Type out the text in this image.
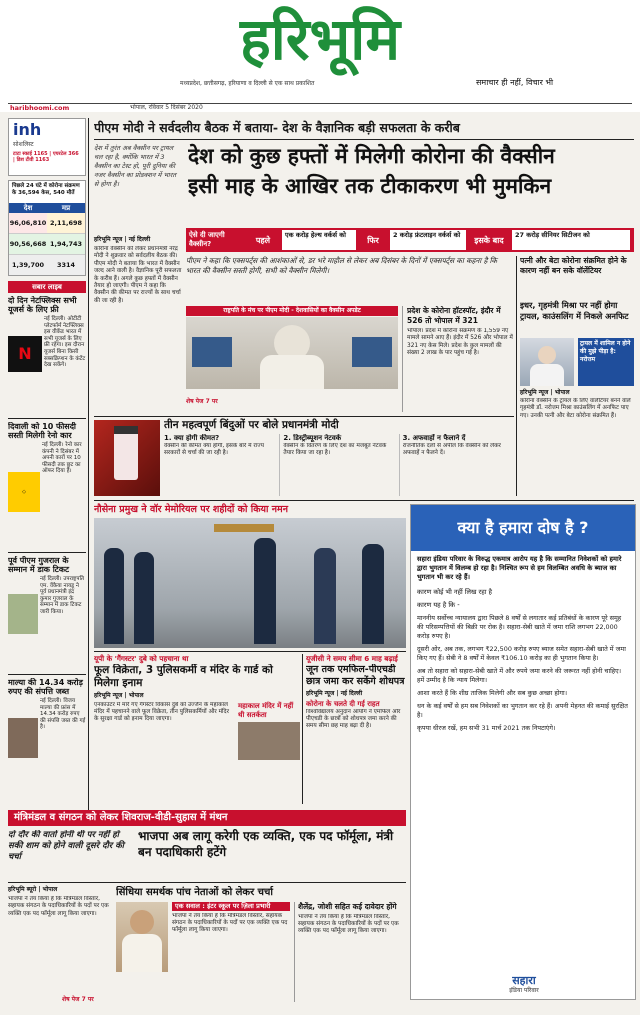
हरिभूमि
मध्यप्रदेश, छत्तीसगढ़, हरियाणा व दिल्ली से एक साथ प्रकाशित	समाचार ही नहीं, विचार भी
haribhoomi.com	भोपाल, रविवार 5 दिसंबर 2020
inh
सोशलिस्ट
टाटा स्काई 1165 | एयरटेल 366 | डिश टीवी 1163
पिछले 24 घंटे में कोरोना संक्रमण के 36,594 केस, 540 मौतें
देश	मप्र
96,06,810 2,11,698
90,56,668 1,94,743
1,39,700	3314
सबार लाइब
दो दिन नेटफ्लिक्स सभी यूजर्स के लिए फ्री
N
नई दिल्ली। ओटीटी प्लेटफॉर्म नेटफ्लिक्स इस वीकेंड भारत में सभी यूजर्स के लिए फ्री रहेगा। इस दौरान यूजर्स बिना किसी सब्सक्रिप्शन के कंटेंट देख सकेंगे।
दिवाली को 10 फीसदी सस्ती मिलेगी रेनो कार
◇
नई दिल्ली। रेनो कार कंपनी ने दिसंबर में अपनी कारों पर 10 फीसदी तक छूट का ऑफर दिया है।
पूर्व पीएम गुजराल के सम्मान में डाक टिकट
नई दिल्ली। उपराष्ट्रपति एम. वेंकैया नायडू ने पूर्व प्रधानमंत्री इंद्र कुमार गुजराल के सम्मान में डाक टिकट जारी किया।
माल्या की 14.34 करोड़ रुपए की संपत्ति जब्त
नई दिल्ली। विजय माल्या की फ्रांस में 14.34 करोड़ रुपए की संपत्ति जब्त की गई है।
पीएम मोदी ने सर्वदलीय बैठक में बताया- देश के वैज्ञानिक बड़ी सफलता के करीब
देश में तुरंत अब वैक्सीन पर ट्रायल चल रहा है, क्योंकि भारत में 3 वैक्सीन का टेस्ट हो, पूरी दुनिया की नजर वैक्सीन का प्रोडक्शन में भारत से होगा है।
देश को कुछ हफ्तों में मिलेगी कोरोना की वैक्सीन
इसी माह के आखिर तक टीकाकरण भी मुमकिन
ऐसे दी जाएगी वैक्सीन?	पहले
एक करोड़ हेल्थ वर्कर्स को
फिर
2 करोड़ फ्रंटलाइन वर्कर्स को
इसके बाद
27 करोड़ सीनियर सिटीजन को
हरिभूमि न्यूज | नई दिल्ली
कोरोना वैक्सीन को लेकर प्रधानमंत्री नरेंद्र मोदी ने शुक्रवार को सर्वदलीय बैठक की। पीएम मोदी ने बताया कि भारत में वैक्सीन जल्द आने वाली है। वैज्ञानिक पूरी सफलता के करीब हैं। अगले कुछ हफ्तों में वैक्सीन तैयार हो जाएगी। पीएम ने कहा कि वैक्सीन की कीमत पर राज्यों के साथ चर्चा की जा रही है।
पीएम ने कहा कि एक्सपर्ट्स की आशंकाओं से, डर भरे माहौल से लेकर अब दिसंबर के दिनों में एक्सपर्ट्स का कहना है कि भारत की वैक्सीन सस्ती होगी, सभी को वैक्सीन मिलेगी।
राष्ट्रपति के मंच पर पीएम मोदी - देशवासियों का वैक्सीन अपडेट	प्रदेश के कोरोना हॉटस्पॉट, इंदौर में 526 तो भोपाल में 321
भोपाल। प्रदेश में कोरोना संक्रमण के 1,559 नए मामले सामने आए हैं। इंदौर में 526 और भोपाल में 321 नए केस मिले। प्रदेश के कुल मामलों की संख्या 2 लाख के पार पहुंच गई है।
शेष पेज 7 पर
तीन महत्वपूर्ण बिंदुओं पर बोले प्रधानमंत्री मोदी
1. क्या होगी कीमत?
वैक्सीन की कीमत क्या होगी, इसके बारे में राज्य सरकारों से चर्चा की जा रही है।
2. डिस्ट्रीब्यूशन नेटवर्क
वैक्सीन के वितरण के लिए देश का मजबूत नेटवर्क तैयार किया जा रहा है।
3. अफवाहों न फैलाने दें
राजनीतिक दलों से अपील कि वैक्सीन को लेकर अफवाहें न फैलने दें।
पत्नी और बेटा कोरोना संक्रमित होने के कारण नहीं बन सके वॉलेंटियर
इधर, गृहमंत्री मिश्रा पर नहीं होगा ट्रायल, काउंसलिंग में निकले अनफिट
ट्रायल में शामिल न होने की मुझे पीड़ा है: नरोत्तम
हरिभूमि न्यूज | भोपाल
कोरोना वैक्सीन के ट्रायल के लिए वॉलेंटियर बनने वाले गृहमंत्री डॉ. नरोत्तम मिश्रा काउंसलिंग में अनफिट पाए गए। उनकी पत्नी और बेटा कोरोना संक्रमित हैं।
नौसेना प्रमुख ने वॉर मेमोरियल पर शहीदों को किया नमन
क्या है हमारा दोष है ?
सहारा इंडिया परिवार के विरुद्ध एकमात्र आरोप यह है कि सम्मानित निवेशकों को हमारे द्वारा भुगतान में विलम्ब हो रहा है। निश्चित रूप से हम विलम्बित अवधि के ब्याज का भुगतान भी कर रहे हैं।
कारण कोई भी नहीं लिख रहा है
कारण यह है कि -
माननीय सर्वोच्च न्यायालय द्वारा पिछले 8 वर्षों से लगातार कई प्रतिबंधों के कारण पूरे समूह की परिसम्पत्तियों की बिक्री पर रोक है। सहारा-सेबी खाते में जमा राशि लगभग 22,000 करोड़ रुपए है।
दूसरी ओर, अब तक, लगभग ₹22,500 करोड़ रुपए ब्याज समेत सहारा-सेबी खाते में जमा किए गए हैं। सेबी ने 8 वर्षों में केवल ₹106.10 करोड़ का ही भुगतान किया है।
अब तो सहारा को सहारा-सेबी खाते में और रुपये जमा करने की जरूरत नहीं होनी चाहिए। हमें उम्मीद है कि न्याय मिलेगा।
आशा करते हैं कि शीघ्र ताजिक मिलेगी और सब कुछ अच्छा होगा।
धन के कई वर्षों से हम सब निवेशकों का भुगतान कर रहे हैं। अपनी मेहनत की कमाई सुरक्षित है।
कृपया धीरज रखें, हम सभी 31 मार्च 2021 तक निपटाएंगे।
सहारा
इंडिया परिवार
यूपी के 'गैंगस्टर' दुबे को पहचाना था
फूल विक्रेता, 3 पुलिसकर्मी व मंदिर के गार्ड को मिलेगा इनाम
हरिभूमि न्यूज | भोपाल
एनकाउंटर में मारे गए गैंगस्टर विकास दुबे को उज्जैन के महाकाल मंदिर में पहचानने वाले फूल विक्रेता, तीन पुलिसकर्मियों और मंदिर के सुरक्षा गार्ड को इनाम दिया जाएगा।
महाकाल मंदिर में नहीं थी सतर्कता
यूजीसी ने समय सीमा 6 माह बढ़ाई
जून तक एमफिल-पीएचडी छात्र जमा कर सकेंगे शोधपत्र
हरिभूमि न्यूज | नई दिल्ली
कोरोना के चलते दी गई राहत
विश्वविद्यालय अनुदान आयोग ने एमफिल और पीएचडी के छात्रों को शोधपत्र जमा करने की समय सीमा छह माह बढ़ा दी है।
मंत्रिमंडल व संगठन को लेकर शिवराज-वीडी-सुहास में मंथन
दो दौर की वार्ता होनी थी पर नहीं हो सकी शाम को होने वाली दूसरे दौर की चर्चा
भाजपा अब लागू करेगी एक व्यक्ति, एक पद फॉर्मूला, मंत्री बन पदाधिकारी हटेंगे
हरिभूमि ब्यूरो | भोपाल
भाजपा ने तय किया है कि मंत्रिमंडल विस्तार, सहायक संगठन के पदाधिकारियों के पदों पर एक व्यक्ति एक पद फॉर्मूला लागू किया जाएगा।
शेष पेज 7 पर
सिंधिया समर्थक पांच नेताओं को लेकर चर्चा
एक सवाल : इंटर स्कूल पर ज़िला प्रभारी
भाजपा ने तय किया है कि मंत्रिमंडल विस्तार, सहायक संगठन के पदाधिकारियों के पदों पर एक व्यक्ति एक पद फॉर्मूला लागू किया जाएगा।
शैलेंद्र, जोशी सहित कई दावेदार होंगे
भाजपा ने तय किया है कि मंत्रिमंडल विस्तार, सहायक संगठन के पदाधिकारियों के पदों पर एक व्यक्ति एक पद फॉर्मूला लागू किया जाएगा।
